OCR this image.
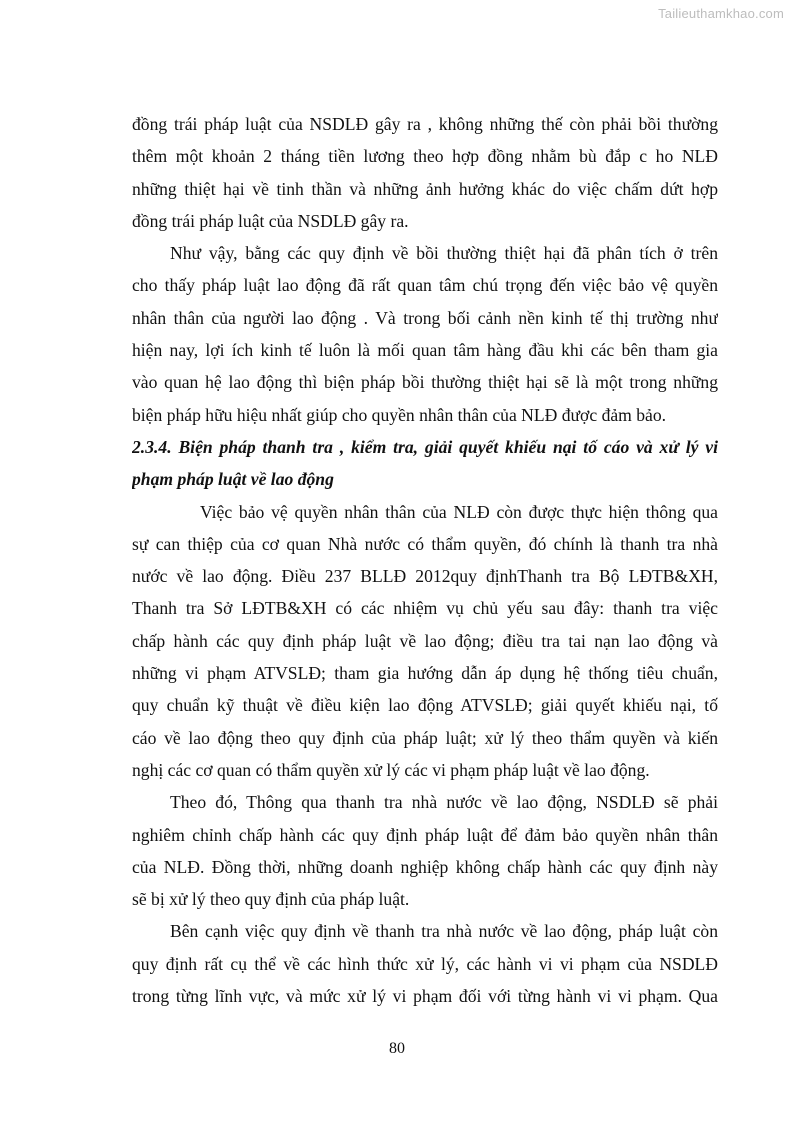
Tailieuthamkhao.com
đồng trái pháp luật của NSDLĐ gây ra , không những thế còn phải bồi thường
thêm một khoản 2 tháng tiền lương theo hợp đồng nhằm bù đắp c ho NLĐ
những thiệt hại về tinh thần và những ảnh hưởng khác do việc chấm dứt hợp
đồng trái pháp luật của NSDLĐ gây ra.
Như vậy, bằng các quy định về bồi thường thiệt hại đã phân tích ở trên
cho thấy pháp luật lao động đã rất quan tâm chú trọng đến việc bảo vệ quyền
nhân thân của người lao động . Và trong bối cảnh nền kinh tế thị trường như
hiện nay, lợi ích kinh tế luôn là mối quan tâm hàng đầu khi các bên tham gia
vào quan hệ lao động thì biện pháp bồi thường thiệt hại sẽ là một trong những
biện pháp hữu hiệu nhất giúp cho quyền nhân thân của NLĐ được đảm bảo.
2.3.4. Biện pháp thanh tra , kiểm tra, giải quyết khiếu nại tố cáo và xử lý vi
phạm pháp luật về lao động
Việc bảo vệ quyền nhân thân của NLĐ còn được thực hiện thông qua
sự can thiệp của cơ quan Nhà nước có thẩm quyền, đó chính là thanh tra nhà
nước về lao động. Điều 237 BLLĐ 2012quy địnhThanh tra Bộ LĐTB&XH,
Thanh tra Sở LĐTB&XH có các nhiệm vụ chủ yếu sau đây: thanh tra việc
chấp hành các quy định pháp luật về lao động; điều tra tai nạn lao động và
những vi phạm ATVSLĐ; tham gia hướng dẫn áp dụng hệ thống tiêu chuẩn,
quy chuẩn kỹ thuật về điều kiện lao động ATVSLĐ; giải quyết khiếu nại, tố
cáo về lao động theo quy định của pháp luật; xử lý theo thẩm quyền và kiến
nghị các cơ quan có thẩm quyền xử lý các vi phạm pháp luật về lao động.
Theo đó, Thông qua thanh tra nhà nước về lao động, NSDLĐ sẽ phải
nghiêm chỉnh chấp hành các quy định pháp luật để đảm bảo quyền nhân thân
của NLĐ. Đồng thời, những doanh nghiệp không chấp hành các quy định này
sẽ bị xử lý theo quy định của pháp luật.
Bên cạnh việc quy định về thanh tra nhà nước về lao động, pháp luật còn
quy định rất cụ thể về các hình thức xử lý, các hành vi vi phạm của NSDLĐ
trong từng lĩnh vực, và mức xử lý vi phạm đối với từng hành vi vi phạm. Qua
80
